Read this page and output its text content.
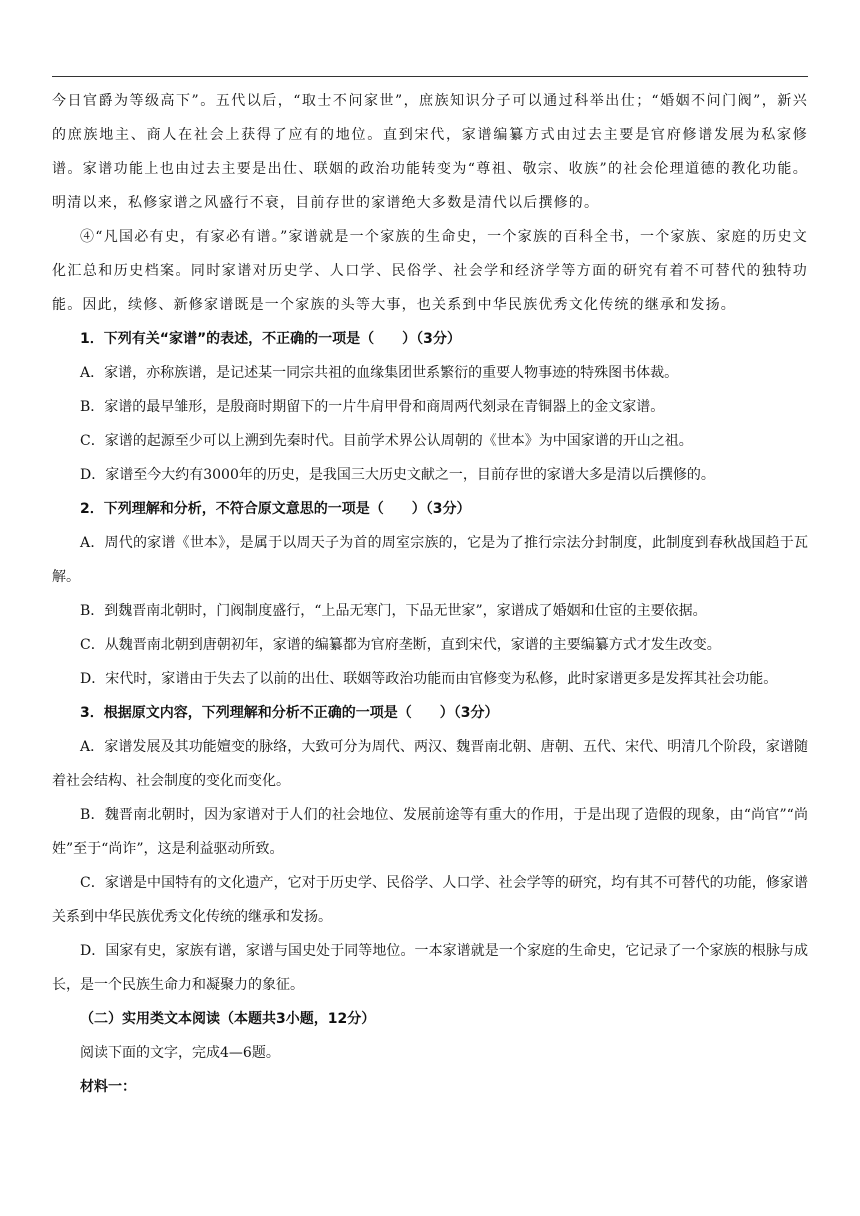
今日官爵为等级高下”。五代以后，“取士不问家世”，庶族知识分子可以通过科举出仕；“婚姻不问门阀”，新兴的庶族地主、商人在社会上获得了应有的地位。直到宋代，家谱编纂方式由过去主要是官府修谱发展为私家修谱。家谱功能上也由过去主要是出仕、联姻的政治功能转变为“尊祖、敬宗、收族”的社会伦理道德的教化功能。明清以来，私修家谱之风盛行不衰，目前存世的家谱绝大多数是清代以后撰修的。

④“凡国必有史，有家必有谱。”家谱就是一个家族的生命史，一个家族的百科全书，一个家族、家庭的历史文化汇总和历史档案。同时家谱对历史学、人口学、民俗学、社会学和经济学等方面的研究有着不可替代的独特功能。因此，续修、新修家谱既是一个家族的头等大事，也关系到中华民族优秀文化传统的继承和发扬。

1．下列有关“家谱”的表述，不正确的一项是（　　）（3分）

A．家谱，亦称族谱，是记述某一同宗共祖的血缘集团世系繁衍的重要人物事迹的特殊图书体裁。

B．家谱的最早雏形，是殷商时期留下的一片牛肩甲骨和商周两代刻录在青铜器上的金文家谱。

C．家谱的起源至少可以上溯到先秦时代。目前学术界公认周朝的《世本》为中国家谱的开山之祖。

D．家谱至今大约有3000年的历史，是我国三大历史文献之一，目前存世的家谱大多是清以后撰修的。

2．下列理解和分析，不符合原文意思的一项是（　　）（3分）

A．周代的家谱《世本》，是属于以周天子为首的周室宗族的，它是为了推行宗法分封制度，此制度到春秋战国趋于瓦解。

B．到魏晋南北朝时，门阀制度盛行，“上品无寒门，下品无世家”，家谱成了婚姻和仕宦的主要依据。

C．从魏晋南北朝到唐朝初年，家谱的编纂都为官府垄断，直到宋代，家谱的主要编纂方式才发生改变。

D．宋代时，家谱由于失去了以前的出仕、联姻等政治功能而由官修变为私修，此时家谱更多是发挥其社会功能。

3．根据原文内容，下列理解和分析不正确的一项是（　　）（3分）

A．家谱发展及其功能嬗变的脉络，大致可分为周代、两汉、魏晋南北朝、唐朝、五代、宋代、明清几个阶段，家谱随着社会结构、社会制度的变化而变化。

B．魏晋南北朝时，因为家谱对于人们的社会地位、发展前途等有重大的作用，于是出现了造假的现象，由“尚官”“尚姓”至于“尚诈”，这是利益驱动所致。

C．家谱是中国特有的文化遗产，它对于历史学、民俗学、人口学、社会学等的研究，均有其不可替代的功能，修家谱关系到中华民族优秀文化传统的继承和发扬。

D．国家有史，家族有谱，家谱与国史处于同等地位。一本家谱就是一个家庭的生命史，它记录了一个家族的根脉与成长，是一个民族生命力和凝聚力的象征。

（二）实用类文本阅读（本题共3小题，12分）

阅读下面的文字，完成4—6题。

材料一：
